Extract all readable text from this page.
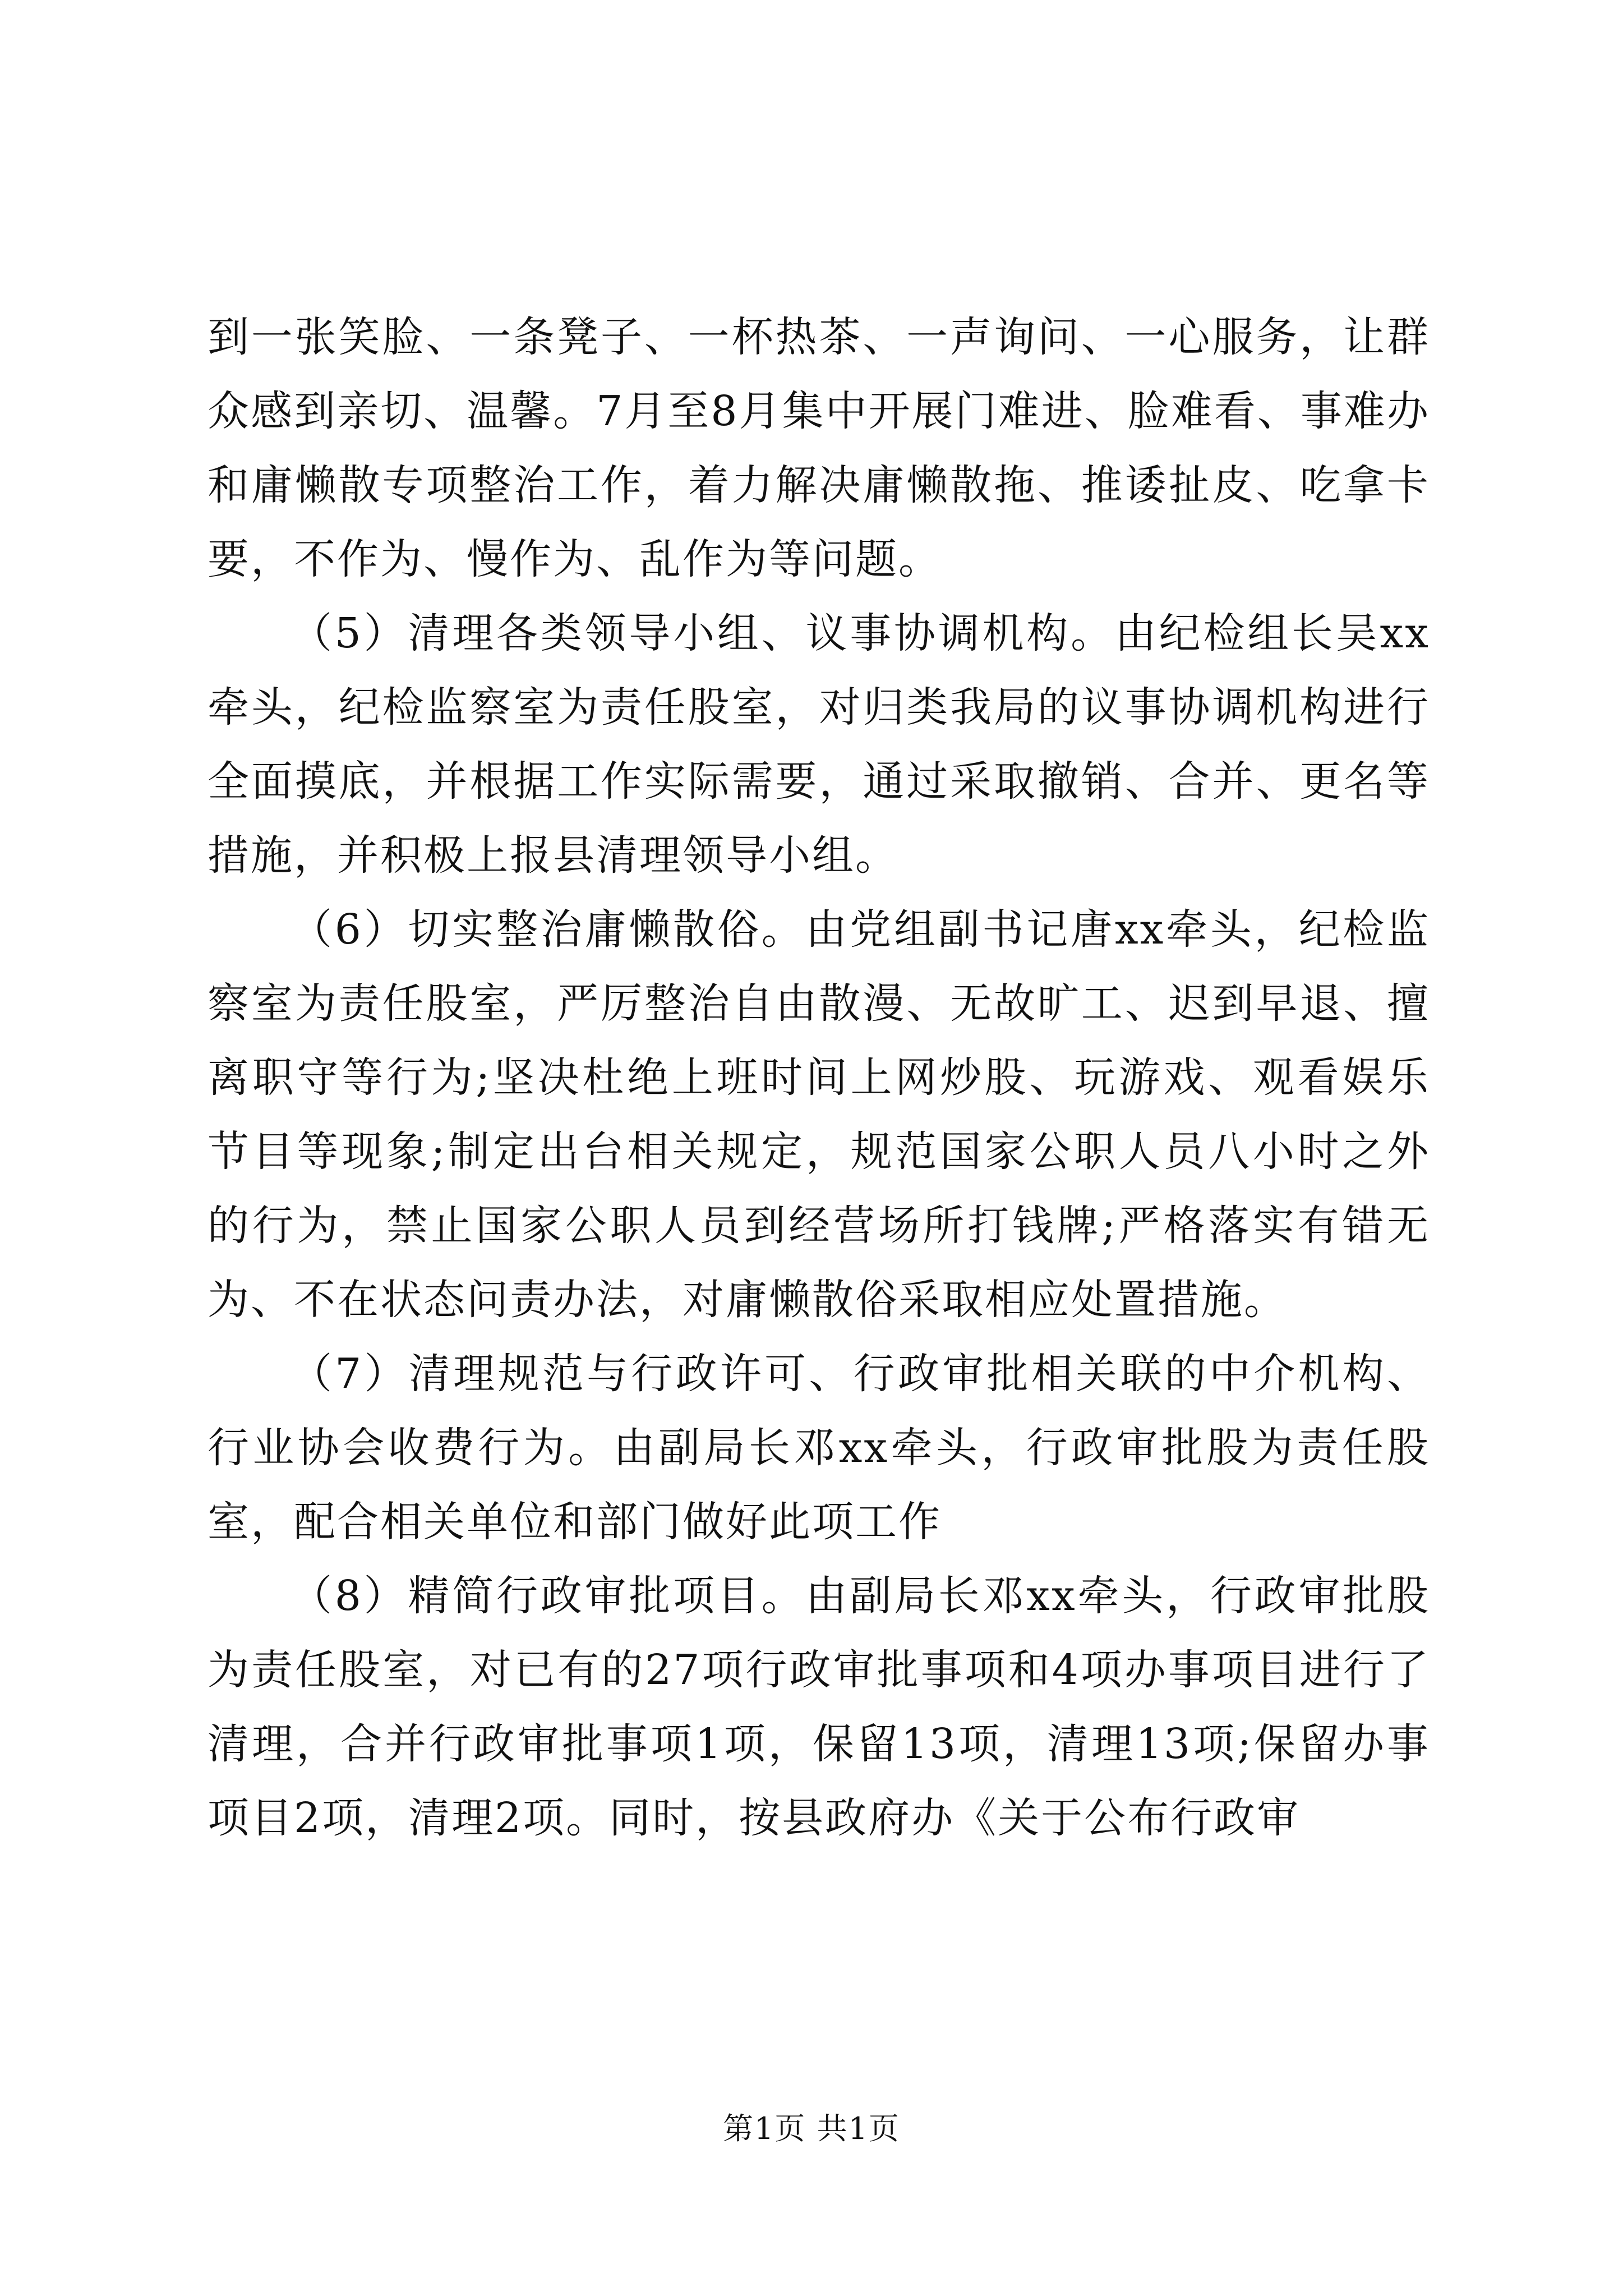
到一张笑脸、一条凳子、一杯热茶、一声询问、一心服务，让群众感到亲切、温馨。7月至8月集中开展门难进、脸难看、事难办和庸懒散专项整治工作，着力解决庸懒散拖、推诿扯皮、吃拿卡要，不作为、慢作为、乱作为等问题。

（5）清理各类领导小组、议事协调机构。由纪检组长吴xx牵头，纪检监察室为责任股室，对归类我局的议事协调机构进行全面摸底，并根据工作实际需要，通过采取撤销、合并、更名等措施，并积极上报县清理领导小组。

（6）切实整治庸懒散俗。由党组副书记唐xx牵头，纪检监察室为责任股室，严厉整治自由散漫、无故旷工、迟到早退、擅离职守等行为;坚决杜绝上班时间上网炒股、玩游戏、观看娱乐节目等现象;制定出台相关规定，规范国家公职人员八小时之外的行为，禁止国家公职人员到经营场所打钱牌;严格落实有错无为、不在状态问责办法，对庸懒散俗采取相应处置措施。

（7）清理规范与行政许可、行政审批相关联的中介机构、行业协会收费行为。由副局长邓xx牵头，行政审批股为责任股室，配合相关单位和部门做好此项工作

（8）精简行政审批项目。由副局长邓xx牵头，行政审批股为责任股室，对已有的27项行政审批事项和4项办事项目进行了清理，合并行政审批事项1项，保留13项，清理13项;保留办事项目2项，清理2项。同时，按县政府办《关于公布行政审

第1页 共1页
